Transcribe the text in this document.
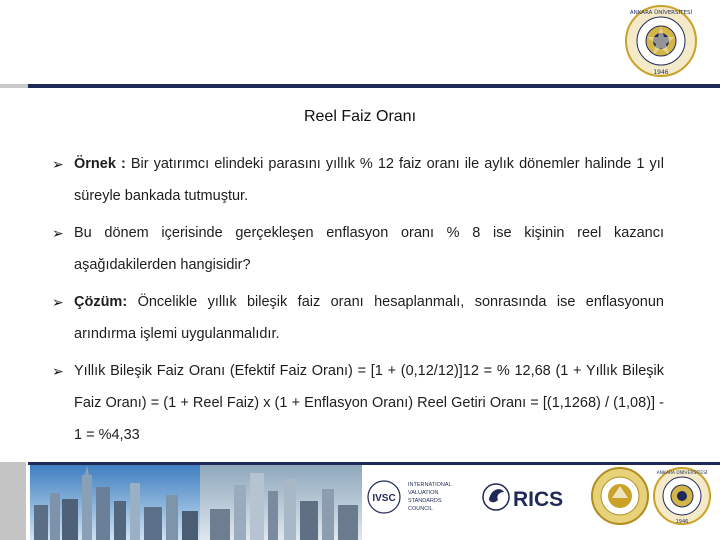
ANKARA ÜNİVERSİTESİ
1946
Reel Faiz Oranı
➢ Örnek : Bir yatırımcı elindeki parasını yıllık % 12 faiz oranı ile aylık dönemler halinde 1 yıl süreyle bankada tutmuştur.
➢ Bu dönem içerisinde gerçekleşen enflasyon oranı % 8 ise kişinin reel kazancı aşağıdakilerden hangisidir?
➢ Çözüm: Öncelikle yıllık bileşik faiz oranı hesaplanmalı, sonrasında ise enflasyonun arındırma işlemi uygulanmalıdır.
➢ Yıllık Bileşik Faiz Oranı (Efektif Faiz Oranı) = [1 + (0,12/12)]12 = % 12,68 (1 + Yıllık Bileşik Faiz Oranı) = (1 + Reel Faiz) x (1 + Enflasyon Oranı) Reel Getiri Oranı = [(1,1268) / (1,08)] - 1 = %4,33
IVSC
INTERNATIONAL
VALUATION
STANDARDS
COUNCIL	RICS
ANKARA ÜNİVERSİTESİ
1946
